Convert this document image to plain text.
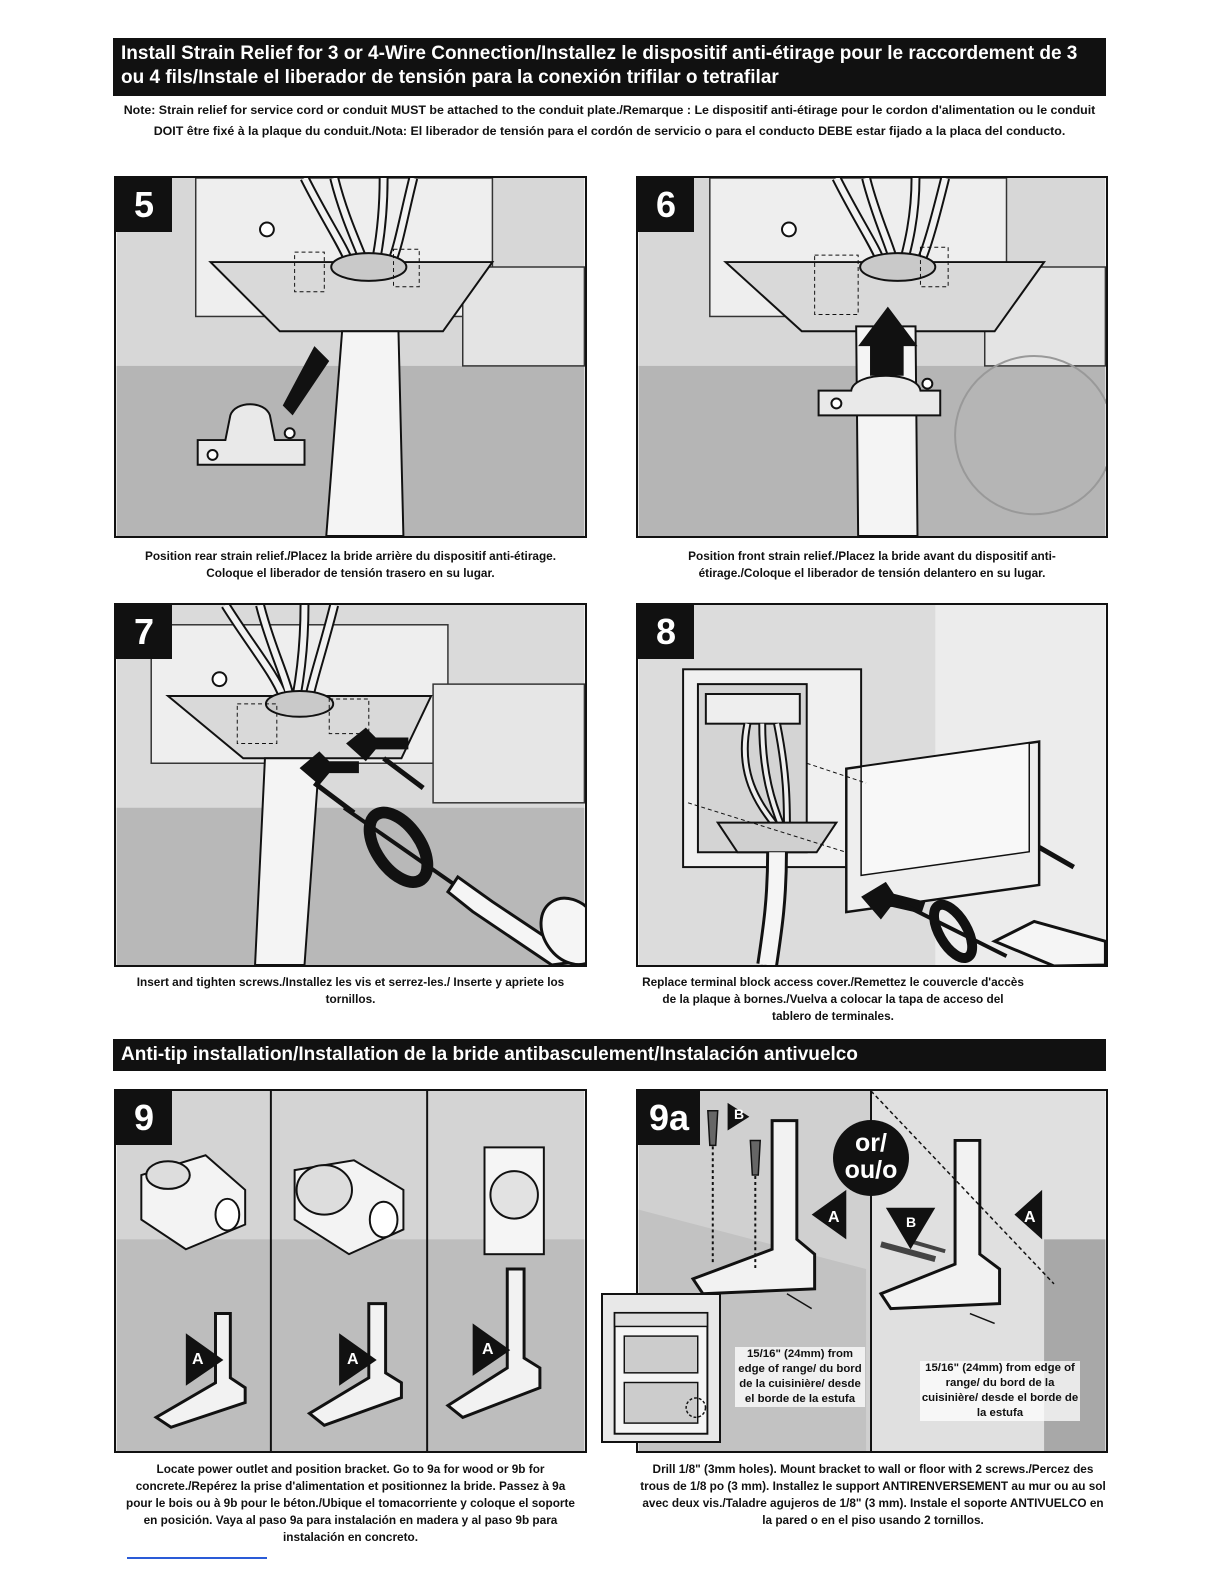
Install Strain Relief for 3 or 4-Wire Connection/Installez le dispositif anti-étirage pour le raccordement de 3 ou 4 fils/Instale el liberador de tensión para la conexión trifilar o tetrafilar
Note: Strain relief for service cord or conduit MUST be attached to the conduit plate./Remarque : Le dispositif anti-étirage pour le cordon d'alimentation ou le conduit DOIT être fixé à la plaque du conduit./Nota: El liberador de tensión para el cordón de servicio o para el conducto DEBE estar fijado a la placa del conducto.
5
Position rear strain relief./Placez la bride arrière du dispositif anti-étirage. Coloque el liberador de tensión trasero en su lugar.
6
Position front strain relief./Placez la bride avant du dispositif anti-étirage./Coloque el liberador de tensión delantero en su lugar.
7
Insert and tighten screws./Installez les vis et serrez-les./ Inserte y apriete los tornillos.
8
Replace terminal block access cover./Remettez le couvercle d'accès de la plaque à bornes./Vuelva a colocar la tapa de acceso del tablero de terminales.
Anti-tip installation/Installation de la bride antibasculement/Instalación antivuelco
9
A	A
A
Locate power outlet and position bracket. Go to 9a for wood or 9b for concrete./Repérez la prise d'alimentation et positionnez la bride. Passez à 9a pour le bois ou à 9b pour le béton./Ubique el tomacorriente y coloque el soporte en posición. Vaya al paso 9a para instalación en madera y al paso 9b para instalación en concreto.
9a	B
B
A	A
or/
ou/o
15/16" (24mm) from edge of range/ du bord de la cuisinière/ desde el borde de la estufa
15/16" (24mm) from edge of range/ du bord de la cuisinière/ desde el borde de la estufa
Drill 1/8" (3mm holes). Mount bracket to wall or floor with 2 screws./Percez des trous de 1/8 po (3 mm). Installez le support ANTIRENVERSEMENT au mur ou au sol avec deux vis./Taladre agujeros de 1/8" (3 mm). Instale el soporte ANTIVUELCO en la pared o en el piso usando 2 tornillos.
